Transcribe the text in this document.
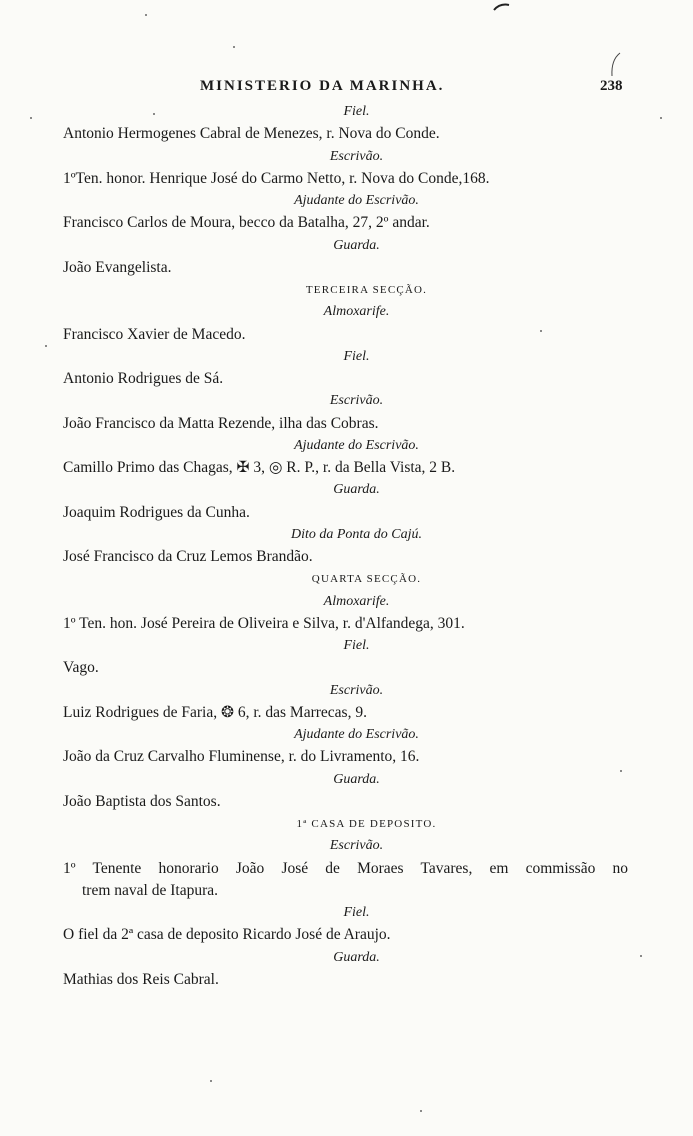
MINISTERIO DA MARINHA.	238
Fiel.
Antonio Hermogenes Cabral de Menezes, r. Nova do Conde.
Escrivão.
1ºTen. honor. Henrique José do Carmo Netto, r. Nova do Conde,168.
Ajudante do Escrivão.
Francisco Carlos de Moura, becco da Batalha, 27, 2º andar.
Guarda.
João Evangelista.
TERCEIRA SECÇÃO.
Almoxarife.
Francisco Xavier de Macedo.
Fiel.
Antonio Rodrigues de Sá.
Escrivão.
João Francisco da Matta Rezende, ilha das Cobras.
Ajudante do Escrivão.
Camillo Primo das Chagas, ✠ 3, ◎ R. P., r. da Bella Vista, 2 B.
Guarda.
Joaquim Rodrigues da Cunha.
Dito da Ponta do Cajú.
José Francisco da Cruz Lemos Brandão.
QUARTA SECÇÃO.
Almoxarife.
1º Ten. hon. José Pereira de Oliveira e Silva, r. d'Alfandega, 301.
Fiel.
Vago.
Escrivão.
Luiz Rodrigues de Faria, ❂ 6, r. das Marrecas, 9.
Ajudante do Escrivão.
João da Cruz Carvalho Fluminense, r. do Livramento, 16.
Guarda.
João Baptista dos Santos.
1ª CASA DE DEPOSITO.
Escrivão.
1º Tenente honorario João José de Moraes Tavares, em commissão no
trem naval de Itapura.
Fiel.
O fiel da 2ª casa de deposito Ricardo José de Araujo.
Guarda.
Mathias dos Reis Cabral.
